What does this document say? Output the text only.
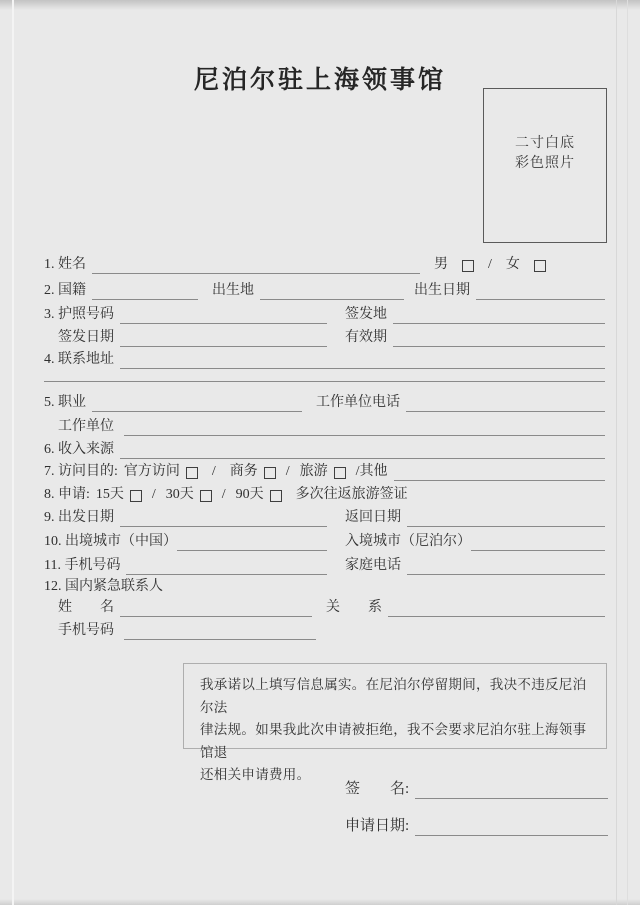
尼泊尔驻上海领事馆
二寸白底
彩色照片
1. 姓名	男	/ 女
2. 国籍	出生地	出生日期
3. 护照号码	签发地
签发日期	有效期
4. 联系地址
5. 职业	工作单位电话
工作单位
6. 收入来源
7. 访问目的: 官方访问 / 商务 / 旅游 /其他
8. 申请: 15天 / 30天 / 90天 多次往返旅游签证
9. 出发日期	返回日期
10. 出境城市（中国）	入境城市（尼泊尔）
11. 手机号码	家庭电话
12. 国内紧急联系人
姓　　名	关　　系
手机号码
我承诺以上填写信息属实。在尼泊尔停留期间，我决不违反尼泊尔法
律法规。如果我此次申请被拒绝，我不会要求尼泊尔驻上海领事馆退
还相关申请费用。
签　　名:
申请日期:
